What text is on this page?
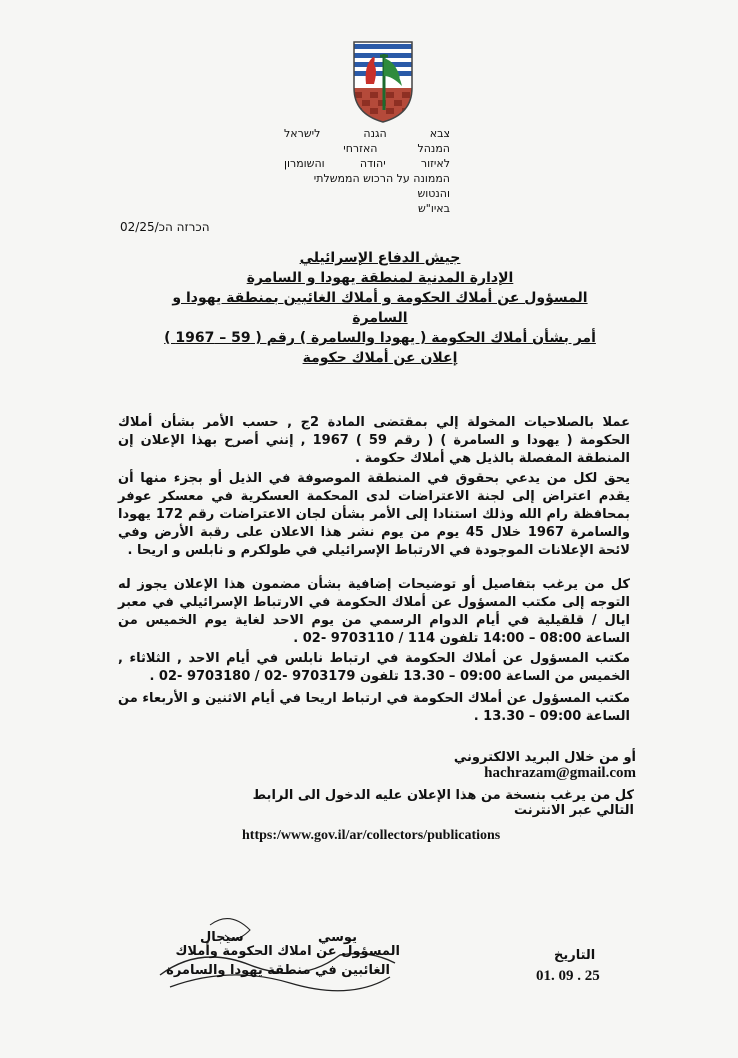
צבא
הגנה
לישראל
המנהל
האזרחי
לאיזור
יהודה
והשומרון
הממונה על הרכוש הממשלתי
והנטוש
באיו"ש
הכרזה הכ/02/25
جيش الدفاع الإسرائيلي
الإدارة المدنية لمنطقة يهودا و السامرة
المسؤول عن أملاك الحكومة و أملاك الغائبين بمنطقة يهودا و السامرة
أمر بشأن أملاك الحكومة ( يهودا والسامرة ) رقم ( 59 – 1967 )
إعلان عن أملاك حكومة
عملا بالصلاحيات المخولة إلي بمقتضى المادة 2ج , حسب الأمر بشأن أملاك الحكومة ( يهودا و السامرة ) ( رقم 59 ) 1967 , إنني أصرح بهذا الإعلان إن المنطقة المفصلة بالذيل هي أملاك حكومة .
يحق لكل من يدعي بحقوق في المنطقة الموصوفة في الذيل أو بجزء منها أن يقدم اعتراض إلى لجنة الاعتراضات لدى المحكمة العسكرية في معسكر عوفر بمحافظة رام الله وذلك استنادا إلى الأمر بشأن لجان الاعتراضات رقم 172 يهودا والسامرة 1967 خلال 45 يوم من يوم نشر هذا الاعلان على رقبة الأرض وفي لائحة الإعلانات الموجودة في الارتباط الإسرائيلي في طولكرم و نابلس و اريحا .
كل من يرغب بتفاصيل أو توضيحات إضافية بشأن مضمون هذا الإعلان يجوز له التوجه إلى مكتب المسؤول عن أملاك الحكومة في الارتباط الإسرائيلي في معبر ايال / قلقيلية في أيام الدوام الرسمي من يوم الاحد لغاية يوم الخميس من الساعة 08:00 – 14:00 تلفون 114 / 9703110 -02 .
مكتب المسؤول عن أملاك الحكومة في ارتباط نابلس في أيام الاحد , الثلاثاء , الخميس من الساعة 09:00 – 13.30 تلفون 9703179 -02 / 9703180 -02 .
مكتب المسؤول عن أملاك الحكومة في ارتباط اريحا في أيام الاثنين و الأربعاء من الساعة 09:00 – 13.30 .
أو من خلال البريد الالكتروني hachrazam@gmail.com
كل من يرغب بنسخة من هذا الإعلان عليه الدخول الى الرابط التالي عبر الانترنت
https:/www.gov.il/ar/collectors/publications
يوسي
سيجال
المسؤول عن املاك الحكومة وأملاك
الغائبين في منطقة يهودا والسامرة
التاريخ
01. 09 . 25
